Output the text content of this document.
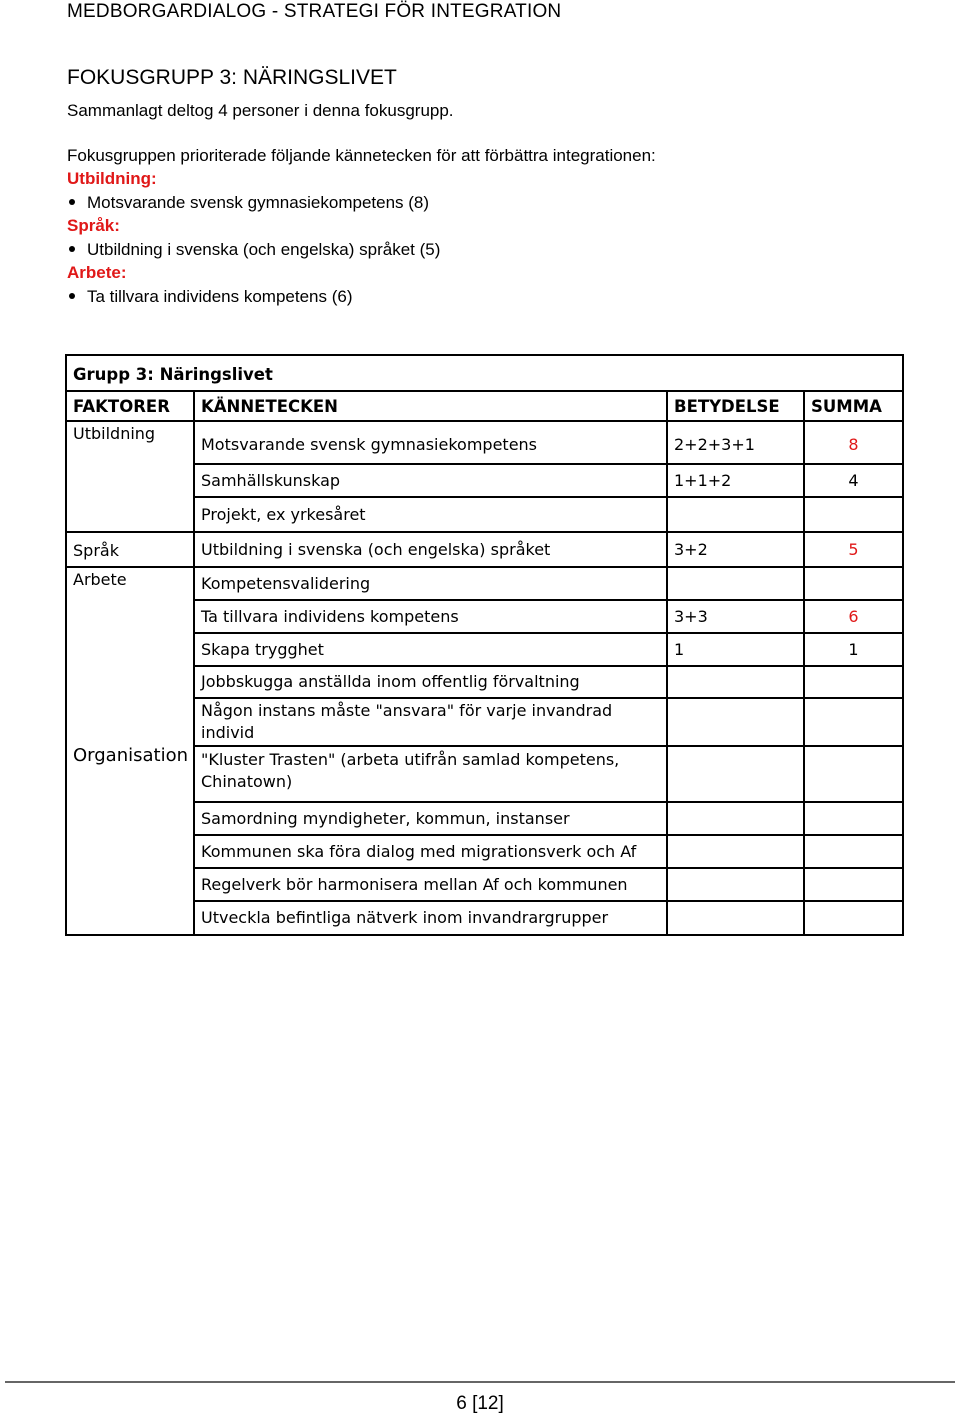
MEDBORGARDIALOG - STRATEGI FÖR INTEGRATION
FOKUSGRUPP 3: NÄRINGSLIVET
Sammanlagt deltog 4 personer i denna fokusgrupp.
Fokusgruppen prioriterade följande kännetecken för att förbättra integrationen:
Utbildning:
Motsvarande svensk gymnasiekompetens (8)
Språk:
Utbildning i svenska (och engelska) språket (5)
Arbete:
Ta tillvara individens kompetens (6)
Grupp 3: Näringslivet			
FAKTORER	KÄNNETECKEN	BETYDELSE	SUMMA
Utbildning	Motsvarande svensk gymnasiekompetens	2+2+3+1	8
	Samhällskunskap	1+1+2	4
	Projekt, ex yrkesåret		
Språk	Utbildning i svenska (och engelska) språket	3+2	5
Arbete	Kompetensvalidering		
	Ta tillvara individens kompetens	3+3	6
	Skapa trygghet	1	1
	Jobbskugga anställda inom offentlig förvaltning		
	Någon instans måste "ansvara" för varje invandrad individ		
	"Kluster Trasten" (arbeta utifrån samlad kompetens, Chinatown)		
	Samordning myndigheter, kommun, instanser		
	Kommunen ska föra dialog med migrationsverk och Af		
	Regelverk bör harmonisera mellan Af och kommunen		
	Utveckla befintliga nätverk inom invandrargrupper		
Organisation
6 [12]
